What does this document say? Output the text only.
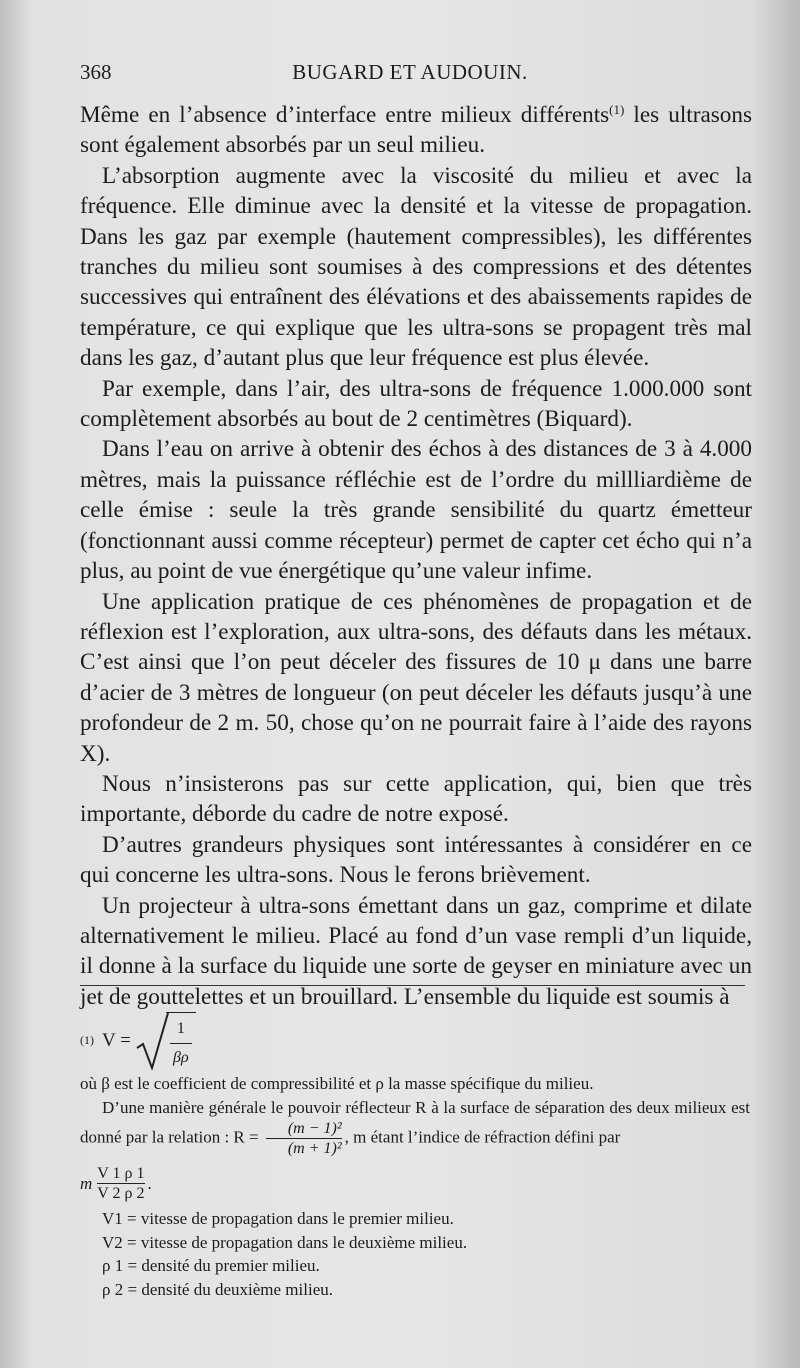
368	BUGARD ET AUDOUIN.

Même en l’absence d’interface entre milieux différents$^{(1)}$ les ultrasons sont également absorbés par un seul milieu.

L’absorption augmente avec la viscosité du milieu et avec la fréquence. Elle diminue avec la densité et la vitesse de propagation. Dans les gaz par exemple (hautement compressibles), les différentes tranches du milieu sont soumises à des compressions et des détentes successives qui entraînent des élévations et des abaissements rapides de température, ce qui explique que les ultra-sons se propagent très mal dans les gaz, d’autant plus que leur fréquence est plus élevée.

Par exemple, dans l’air, des ultra-sons de fréquence 1.000.000 sont complètement absorbés au bout de 2 centimètres (Biquard).

Dans l’eau on arrive à obtenir des échos à des distances de 3 à 4.000 mètres, mais la puissance réfléchie est de l’ordre du millliardième de celle émise : seule la très grande sensibilité du quartz émetteur (fonctionnant aussi comme récepteur) permet de capter cet écho qui n’a plus, au point de vue énergétique qu’une valeur infime.

Une application pratique de ces phénomènes de propagation et de réflexion est l’exploration, aux ultra-sons, des défauts dans les métaux. C’est ainsi que l’on peut déceler des fissures de 10 μ dans une barre d’acier de 3 mètres de longueur (on peut déceler les défauts jusqu’à une profondeur de 2 m. 50, chose qu’on ne pourrait faire à l’aide des rayons X).

Nous n’insisterons pas sur cette application, qui, bien que très importante, déborde du cadre de notre exposé.

D’autres grandeurs physiques sont intéressantes à considérer en ce qui concerne les ultra-sons. Nous le ferons brièvement.

Un projecteur à ultra-sons émettant dans un gaz, comprime et dilate alternativement le milieu. Placé au fond d’un vase rempli d’un liquide, il donne à la surface du liquide une sorte de geyser en miniature avec un jet de gouttelettes et un brouillard. L’ensemble du liquide est soumis à

(1) V =
1
βρ

où β est le coefficient de compressibilité et ρ la masse spécifique du milieu.

D’une manière générale le pouvoir réflecteur R à la surface de séparation des deux milieux est donné par la relation : $R = \frac{\text{(m − 1)²}}{\text{(m + 1)²}}$ , m étant l’indice de réfraction défini par

m $\frac{V 1 \rho 1}{V 2 \rho 2}$ .

V1 = vitesse de propagation dans le premier milieu.

V2 = vitesse de propagation dans le deuxième milieu.

ρ 1 = densité du premier milieu.

ρ 2 = densité du deuxième milieu.
